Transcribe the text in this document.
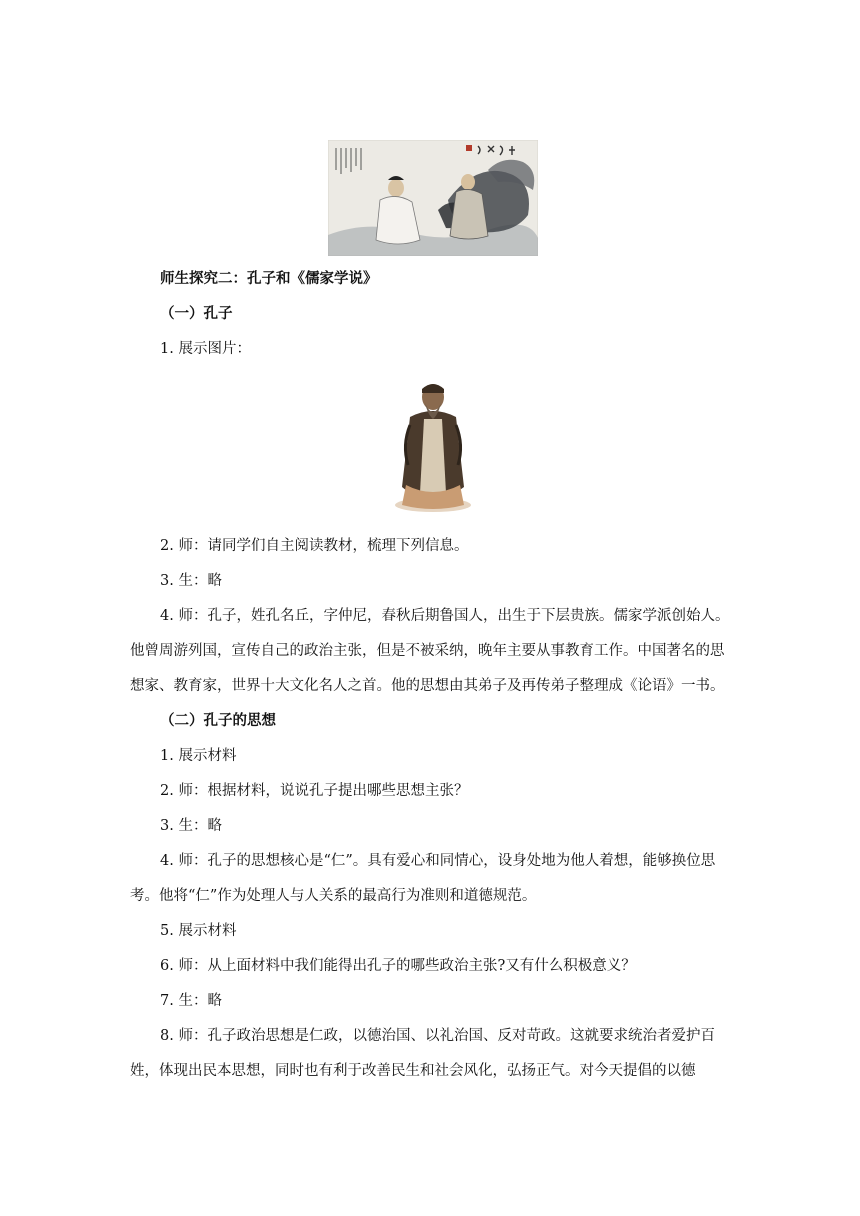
师生探究二：孔子和《儒家学说》

（一）孔子

1. 展示图片：

2. 师：请同学们自主阅读教材，梳理下列信息。

3. 生：略

4. 师：孔子，姓孔名丘，字仲尼，春秋后期鲁国人，出生于下层贵族。儒家学派创始人。他曾周游列国，宣传自己的政治主张，但是不被采纳，晚年主要从事教育工作。中国著名的思想家、教育家，世界十大文化名人之首。他的思想由其弟子及再传弟子整理成《论语》一书。

（二）孔子的思想

1. 展示材料

2. 师：根据材料，说说孔子提出哪些思想主张？

3. 生：略

4. 师：孔子的思想核心是“仁”。具有爱心和同情心，设身处地为他人着想，能够换位思考。他将“仁”作为处理人与人关系的最高行为准则和道德规范。

5. 展示材料

6. 师：从上面材料中我们能得出孔子的哪些政治主张?又有什么积极意义？

7. 生：略

8. 师：孔子政治思想是仁政，以德治国、以礼治国、反对苛政。这就要求统治者爱护百姓，体现出民本思想，同时也有利于改善民生和社会风化，弘扬正气。对今天提倡的以德
